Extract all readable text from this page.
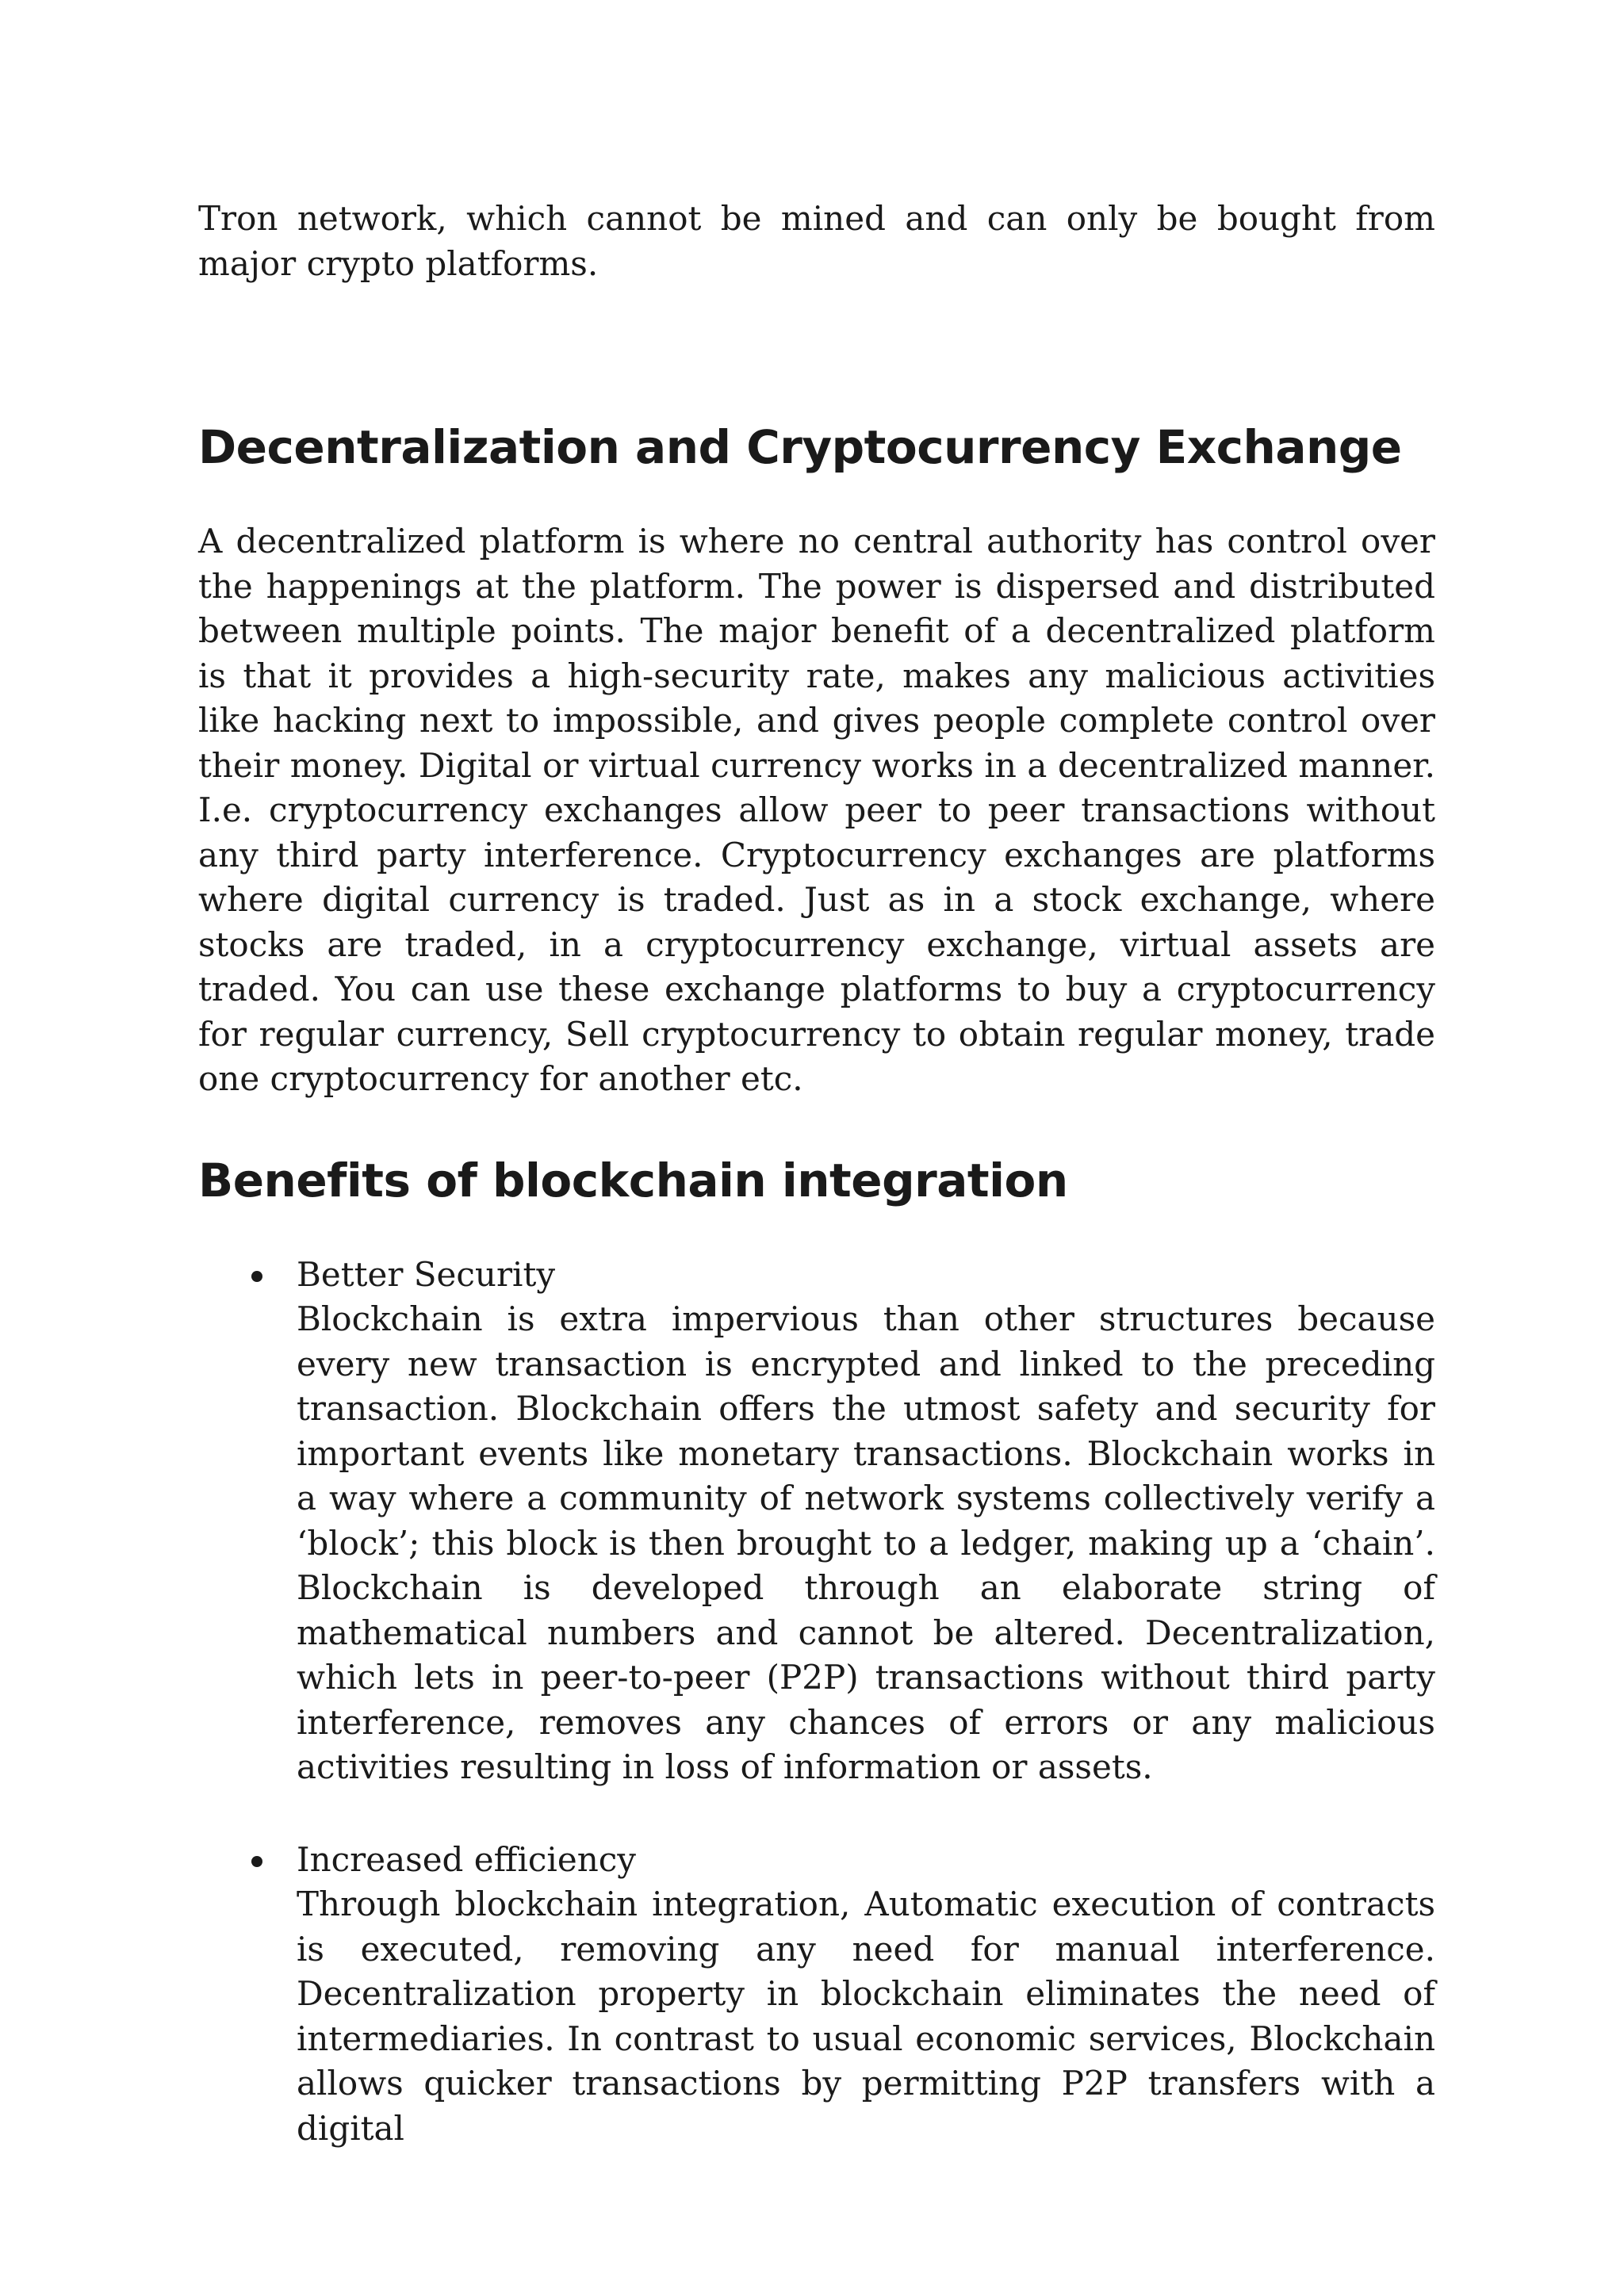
Tron network, which cannot be mined and can only be bought from major crypto platforms.

Decentralization and Cryptocurrency Exchange

A decentralized platform is where no central authority has control over the happenings at the platform. The power is dispersed and distributed between multiple points. The major benefit of a decentralized platform is that it provides a high-security rate, makes any malicious activities like hacking next to impossible, and gives people complete control over their money. Digital or virtual currency works in a decentralized manner. I.e. cryptocurrency exchanges allow peer to peer transactions without any third party interference. Cryptocurrency exchanges are platforms where digital currency is traded. Just as in a stock exchange, where stocks are traded, in a cryptocurrency exchange, virtual assets are traded. You can use these exchange platforms to buy a cryptocurrency for regular currency, Sell cryptocurrency to obtain regular money, trade one cryptocurrency for another etc.

Benefits of blockchain integration
Better Security

Blockchain is extra impervious than other structures because every new transaction is encrypted and linked to the preceding transaction. Blockchain offers the utmost safety and security for important events like monetary transactions. Blockchain works in a way where a community of network systems collectively verify a ‘block’; this block is then brought to a ledger, making up a ‘chain’. Blockchain is developed through an elaborate string of mathematical numbers and cannot be altered. Decentralization, which lets in peer-to-peer (P2P) transactions without third party interference, removes any chances of errors or any malicious activities resulting in loss of information or assets.

Increased efficiency

Through blockchain integration, Automatic execution of contracts is executed, removing any need for manual interference. Decentralization property in blockchain eliminates the need of intermediaries. In contrast to usual economic services, Blockchain allows quicker transactions by permitting P2P transfers with a digital
